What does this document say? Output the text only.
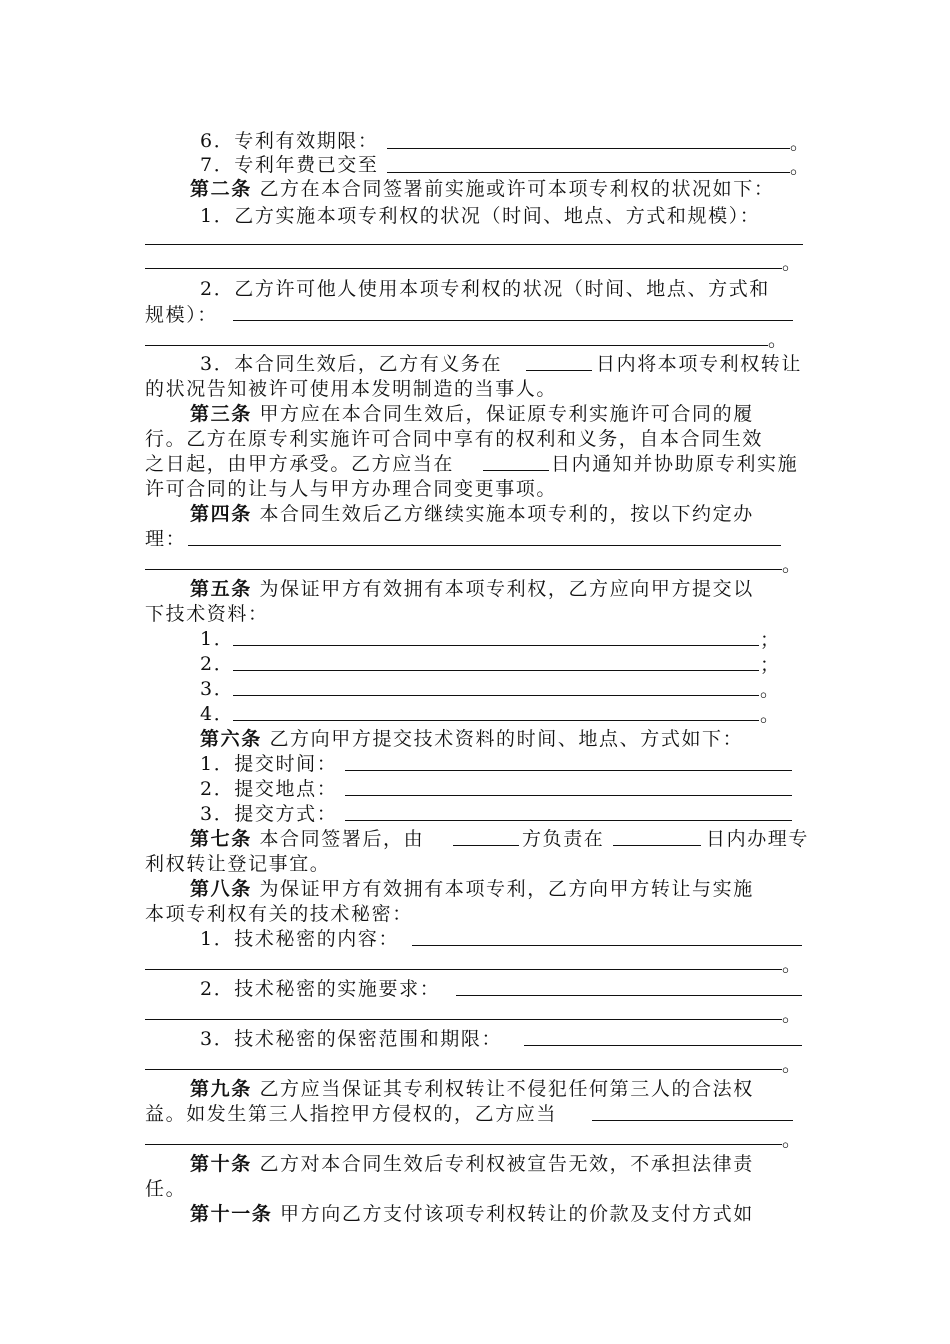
6．专利有效期限：	。
7．专利年费已交至	。
第二条 乙方在本合同签署前实施或许可本项专利权的状况如下：
1．乙方实施本项专利权的状况（时间、地点、方式和规模）：
。
2．乙方许可他人使用本项专利权的状况（时间、地点、方式和
规模）：
。
3．本合同生效后，乙方有义务在	日内将本项专利权转让
的状况告知被许可使用本发明制造的当事人。
第三条 甲方应在本合同生效后，保证原专利实施许可合同的履
行。乙方在原专利实施许可合同中享有的权利和义务，自本合同生效
之日起，由甲方承受。乙方应当在	日内通知并协助原专利实施
许可合同的让与人与甲方办理合同变更事项。
第四条 本合同生效后乙方继续实施本项专利的，按以下约定办
理：
。
第五条 为保证甲方有效拥有本项专利权，乙方应向甲方提交以
下技术资料：
1．	；
2．	；
3．	。
4．	。
第六条 乙方向甲方提交技术资料的时间、地点、方式如下：
1．提交时间：
2．提交地点：
3．提交方式：
第七条 本合同签署后，由	方负责在	日内办理专
利权转让登记事宜。
第八条 为保证甲方有效拥有本项专利，乙方向甲方转让与实施
本项专利权有关的技术秘密：
1．技术秘密的内容：
。
2．技术秘密的实施要求：
。
3．技术秘密的保密范围和期限：
。
第九条 乙方应当保证其专利权转让不侵犯任何第三人的合法权
益。如发生第三人指控甲方侵权的，乙方应当
。
第十条 乙方对本合同生效后专利权被宣告无效，不承担法律责
任。
第十一条 甲方向乙方支付该项专利权转让的价款及支付方式如
